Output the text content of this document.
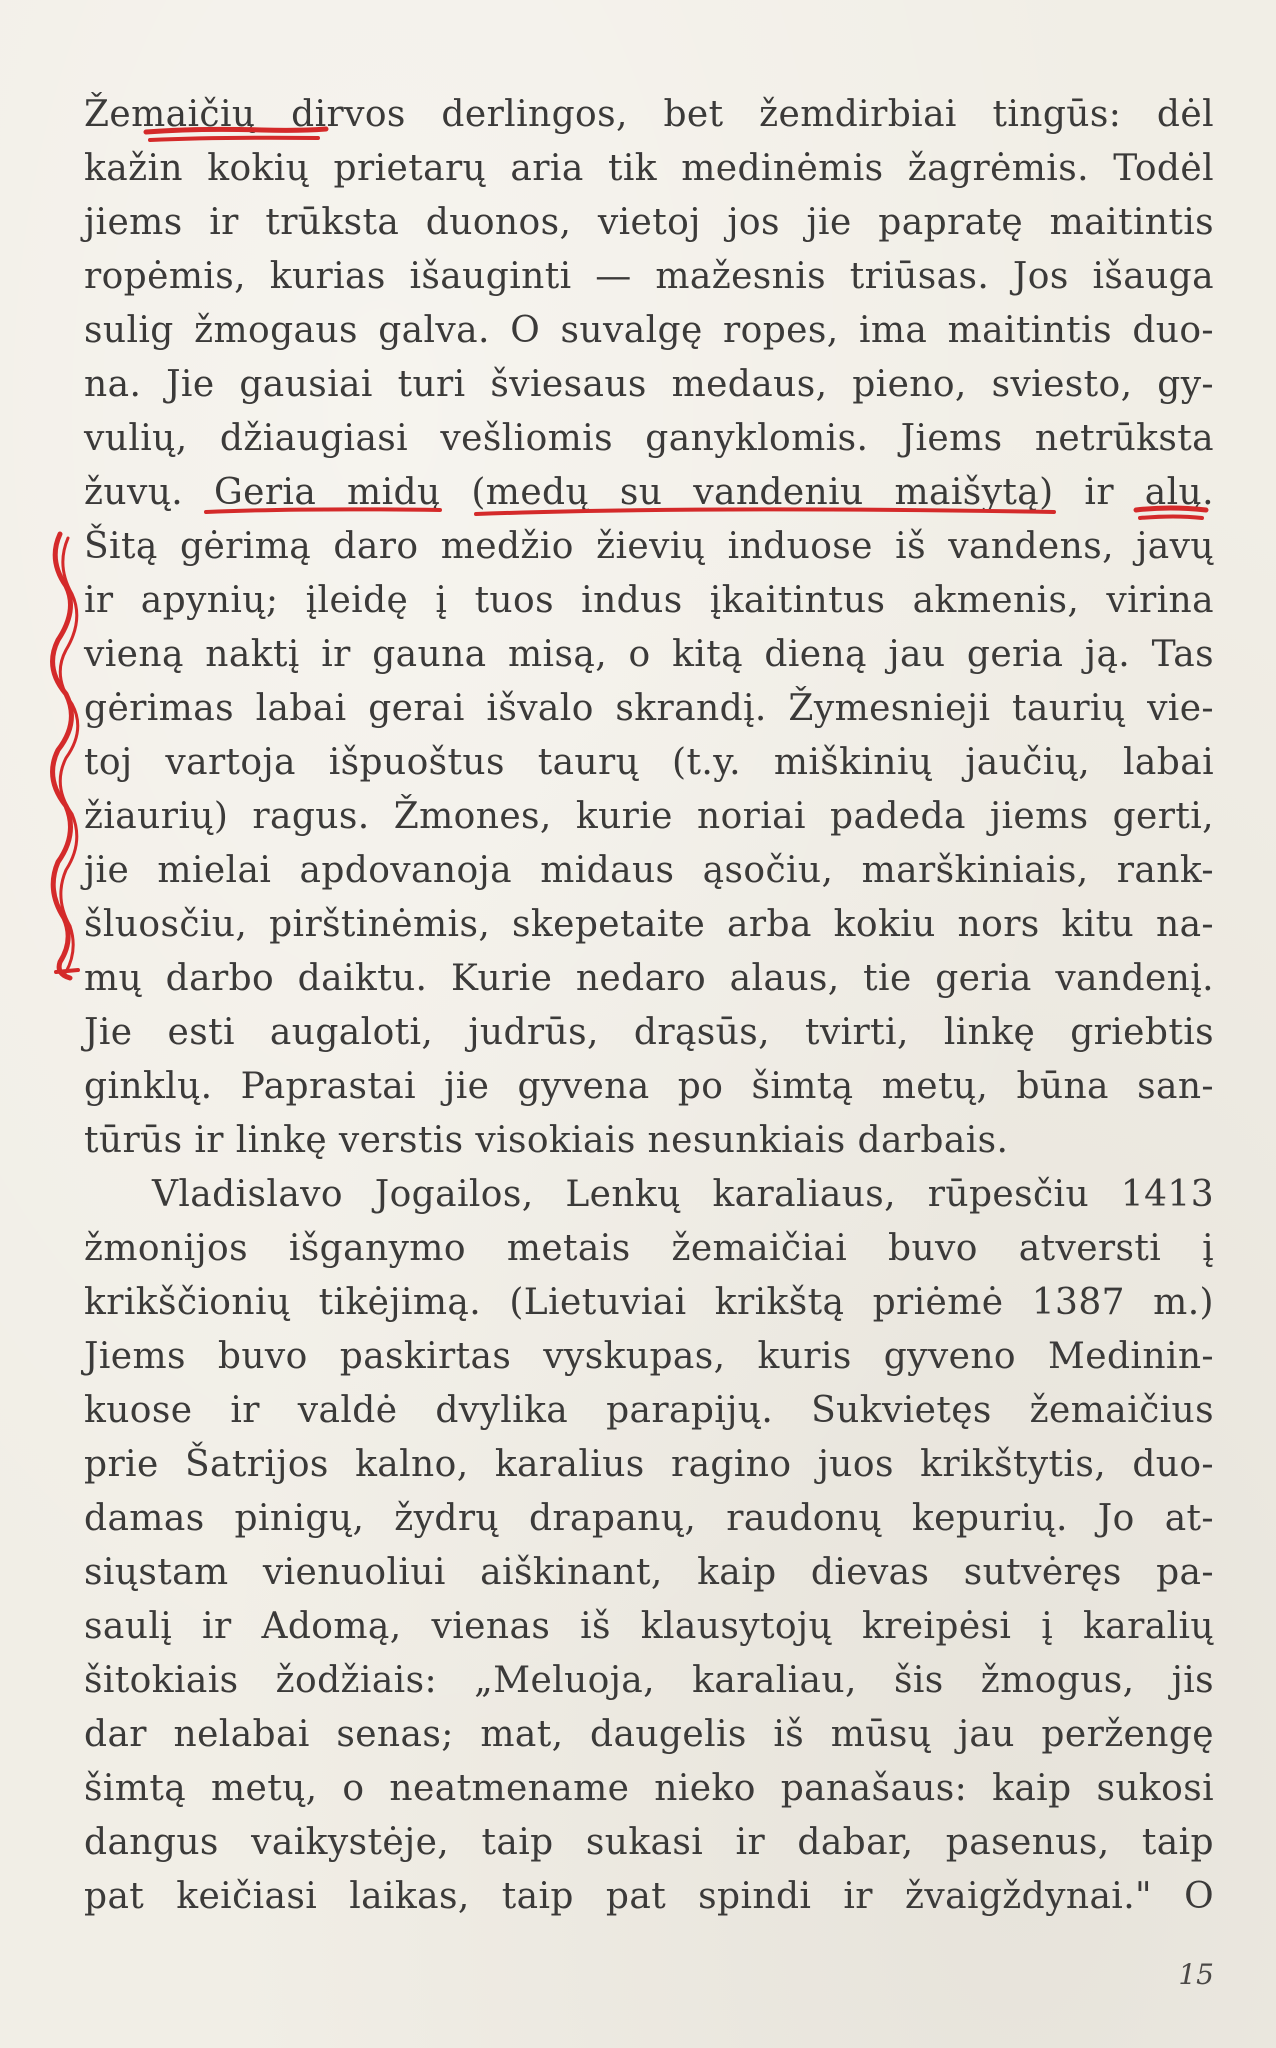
Žemaičių dirvos derlingos, bet žemdirbiai tingūs: dėl
kažin kokių prietarų aria tik medinėmis žagrėmis. Todėl
jiems ir trūksta duonos, vietoj jos jie papratę maitintis
ropėmis, kurias išauginti — mažesnis triūsas. Jos išauga
sulig žmogaus galva. O suvalgę ropes, ima maitintis duo-
na. Jie gausiai turi šviesaus medaus, pieno, sviesto, gy-
vulių, džiaugiasi vešliomis ganyklomis. Jiems netrūksta
žuvų. Geria midų (medų su vandeniu maišytą) ir alų.
Šitą gėrimą daro medžio žievių induose iš vandens, javų
ir apynių; įleidę į tuos indus įkaitintus akmenis, virina
vieną naktį ir gauna misą, o kitą dieną jau geria ją. Tas
gėrimas labai gerai išvalo skrandį. Žymesnieji taurių vie-
toj vartoja išpuoštus taurų (t.y. miškinių jaučių, labai
žiaurių) ragus. Žmones, kurie noriai padeda jiems gerti,
jie mielai apdovanoja midaus ąsočiu, marškiniais, rank-
šluosčiu, pirštinėmis, skepetaite arba kokiu nors kitu na-
mų darbo daiktu. Kurie nedaro alaus, tie geria vandenį.
Jie esti augaloti, judrūs, drąsūs, tvirti, linkę griebtis
ginklų. Paprastai jie gyvena po šimtą metų, būna san-
tūrūs ir linkę verstis visokiais nesunkiais darbais.
Vladislavo Jogailos, Lenkų karaliaus, rūpesčiu 1413
žmonijos išganymo metais žemaičiai buvo atversti į
krikščionių tikėjimą. (Lietuviai krikštą priėmė 1387 m.)
Jiems buvo paskirtas vyskupas, kuris gyveno Medinin-
kuose ir valdė dvylika parapijų. Sukvietęs žemaičius
prie Šatrijos kalno, karalius ragino juos krikštytis, duo-
damas pinigų, žydrų drapanų, raudonų kepurių. Jo at-
siųstam vienuoliui aiškinant, kaip dievas sutvėręs pa-
saulį ir Adomą, vienas iš klausytojų kreipėsi į karalių
šitokiais žodžiais: „Meluoja, karaliau, šis žmogus, jis
dar nelabai senas; mat, daugelis iš mūsų jau peržengę
šimtą metų, o neatmename nieko panašaus: kaip sukosi
dangus vaikystėje, taip sukasi ir dabar, pasenus, taip
pat keičiasi laikas, taip pat spindi ir žvaigždynai." O
15
